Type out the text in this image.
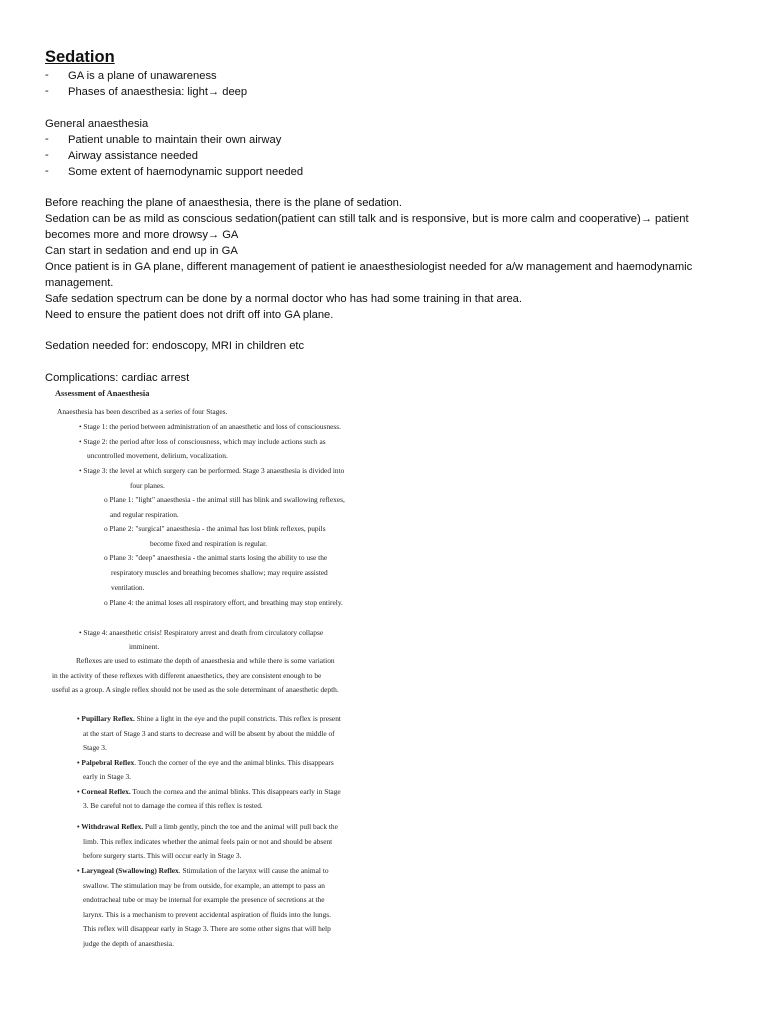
Sedation
- GA is a plane of unawareness
- Phases of anaesthesia: light→ deep
General anaesthesia
- Patient unable to maintain their own airway
- Airway assistance needed
- Some extent of haemodynamic support needed
Before reaching the plane of anaesthesia, there is the plane of sedation.
Sedation can be as mild as conscious sedation(patient can still talk and is responsive, but is more calm and cooperative)→ patient
becomes more and more drowsy→ GA
Can start in sedation and end up in GA
Once patient is in GA plane, different management of patient ie anaesthesiologist needed for a/w management and haemodynamic
management.
Safe sedation spectrum can be done by a normal doctor who has had some training in that area.
Need to ensure the patient does not drift off into GA plane.
Sedation needed for: endoscopy, MRI in children etc
Complications: cardiac arrest
Assessment of Anaesthesia
Anaesthesia has been described as a series of four Stages.
• Stage 1: the period between administration of an anaesthetic and loss of consciousness.
• Stage 2: the period after loss of consciousness, which may include actions such as
uncontrolled movement, delirium, vocalization.
• Stage 3: the level at which surgery can be performed. Stage 3 anaesthesia is divided into
four planes.
o Plane 1: "light" anaesthesia - the animal still has blink and swallowing reflexes,
and regular respiration.
o Plane 2: "surgical" anaesthesia - the animal has lost blink reflexes, pupils
become fixed and respiration is regular.
o Plane 3: "deep" anaesthesia - the animal starts losing the ability to use the
respiratory muscles and breathing becomes shallow; may require assisted
ventilation.
o Plane 4: the animal loses all respiratory effort, and breathing may stop entirely.
• Stage 4: anaesthetic crisis! Respiratory arrest and death from circulatory collapse
imminent.
Reflexes are used to estimate the depth of anaesthesia and while there is some variation
in the activity of these reflexes with different anaesthetics, they are consistent enough to be
useful as a group. A single reflex should not be used as the sole determinant of anaesthetic depth.
• Pupillary Reflex. Shine a light in the eye and the pupil constricts. This reflex is present
at the start of Stage 3 and starts to decrease and will be absent by about the middle of
Stage 3.
• Palpebral Reflex. Touch the corner of the eye and the animal blinks. This disappears
early in Stage 3.
• Corneal Reflex. Touch the cornea and the animal blinks. This disappears early in Stage
3. Be careful not to damage the cornea if this reflex is tested.
• Withdrawal Reflex. Pull a limb gently, pinch the toe and the animal will pull back the
limb. This reflex indicates whether the animal feels pain or not and should be absent
before surgery starts. This will occur early in Stage 3.
• Laryngeal (Swallowing) Reflex. Stimulation of the larynx will cause the animal to
swallow. The stimulation may be from outside, for example, an attempt to pass an
endotracheal tube or may be internal for example the presence of secretions at the
larynx. This is a mechanism to prevent accidental aspiration of fluids into the lungs.
This reflex will disappear early in Stage 3. There are some other signs that will help
judge the depth of anaesthesia.
